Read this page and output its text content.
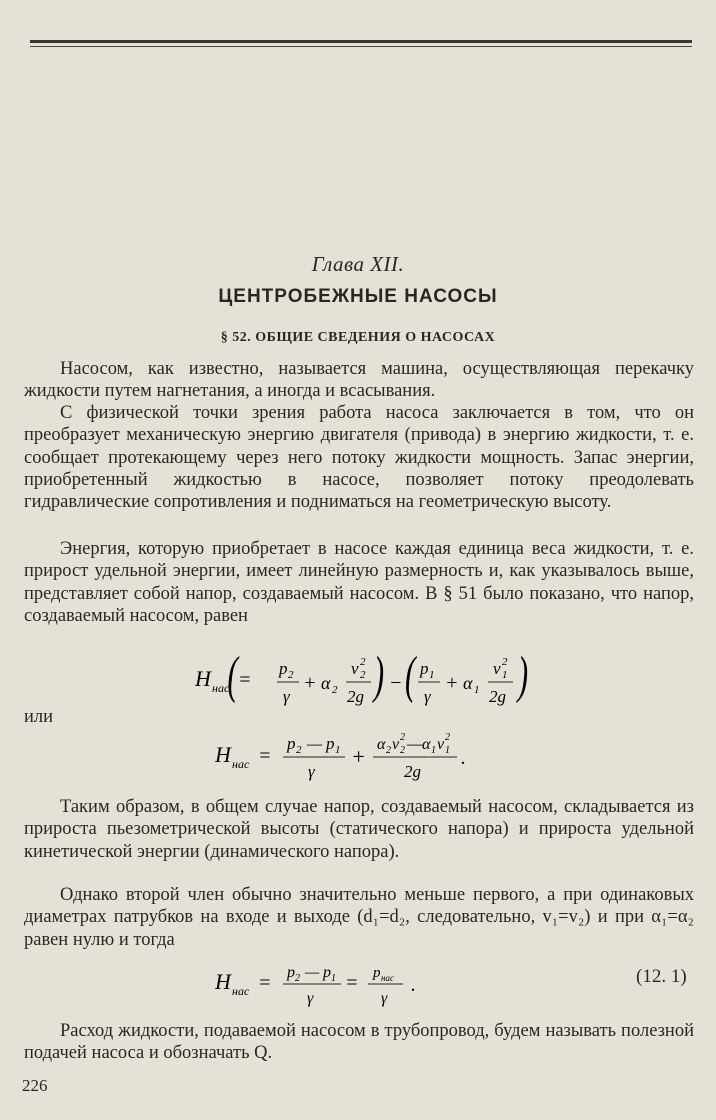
Глава XII.
ЦЕНТРОБЕЖНЫЕ НАСОСЫ
§ 52. ОБЩИЕ СВЕДЕНИЯ О НАСОСАХ
Насосом, как известно, называется машина, осуществляющая перекачку жидкости путем нагнетания, а иногда и всасывания.
С физической точки зрения работа насоса заключается в том, что он преобразует механическую энергию двигателя (привода) в энергию жидкости, т. е. сообщает протекающему через него потоку жидкости мощность. Запас энергии, приобретенный жидкостью в насосе, позволяет потоку преодолевать гидравлические сопротивления и подниматься на геометрическую высоту.
Энергия, которую приобретает в насосе каждая единица веса жидкости, т. е. прирост удельной энергии, имеет линейную размерность и, как указывалось выше, представляет собой напор, создаваемый насосом. В § 51 было показано, что напор, создаваемый насосом, равен
H нас =
( p 2
γ
+ α 2
v 2
2
2g ) − ( p 1
γ
+ α 1
v 2
1
2g )
или
H нас =
p 2 — p 1
γ
+ α 2 v 2
2 — α 1 v 2
1
2g
.
Таким образом, в общем случае напор, создаваемый насосом, складывается из прироста пьезометрической высоты (статического напора) и прироста удельной кинетической энергии (динамического напора).
Однако второй член обычно значительно меньше первого, а при одинаковых диаметрах патрубков на входе и выходе (d₁=d₂, следовательно, v₁=v₂) и при α₁=α₂ равен нулю и тогда
H нас = p 2 — p 1
γ
= p нас
γ
.	(12. 1)
Расход жидкости, подаваемой насосом в трубопровод, будем называть полезной подачей насоса и обозначать Q.
226
